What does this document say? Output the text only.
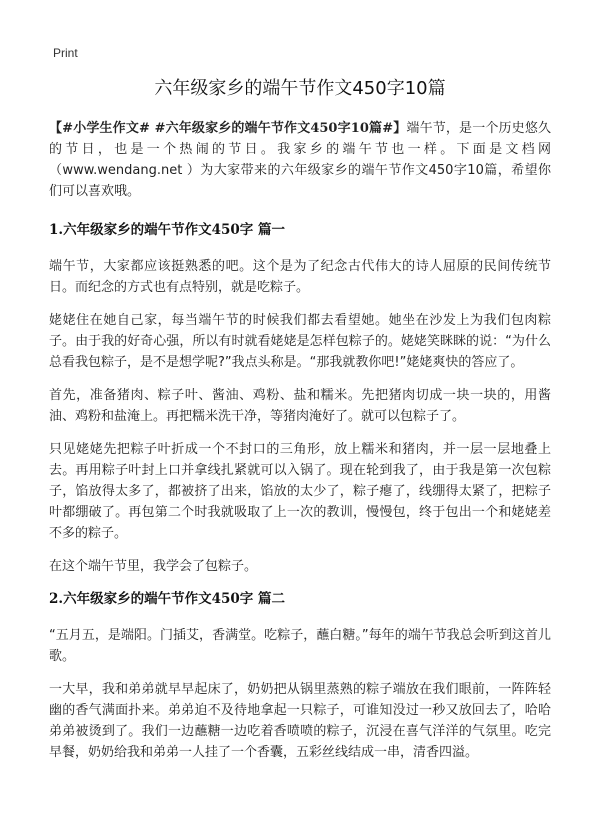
Print
六年级家乡的端午节作文450字10篇

【#小学生作文# #六年级家乡的端午节作文450字10篇#】端午节，是一个历史悠久的节日，也是一个热闹的节日。我家乡的端午节也一样。下面是文档网（www.wendang.net ）为大家带来的六年级家乡的端午节作文450字10篇，希望你们可以喜欢哦。

1.六年级家乡的端午节作文450字 篇一

端午节，大家都应该挺熟悉的吧。这个是为了纪念古代伟大的诗人屈原的民间传统节日。而纪念的方式也有点特别，就是吃粽子。

姥姥住在她自己家，每当端午节的时候我们都去看望她。她坐在沙发上为我们包肉粽子。由于我的好奇心强，所以有时就看姥姥是怎样包粽子的。姥姥笑眯眯的说：“为什么总看我包粽子，是不是想学呢?”我点头称是。“那我就教你吧!”姥姥爽快的答应了。

首先，准备猪肉、粽子叶、酱油、鸡粉、盐和糯米。先把猪肉切成一块一块的，用酱油、鸡粉和盐淹上。再把糯米洗干净，等猪肉淹好了。就可以包粽子了。

只见姥姥先把粽子叶折成一个不封口的三角形，放上糯米和猪肉，并一层一层地叠上去。再用粽子叶封上口并拿线扎紧就可以入锅了。现在轮到我了，由于我是第一次包粽子，馅放得太多了，都被挤了出来，馅放的太少了，粽子瘪了，线绷得太紧了，把粽子叶都绷破了。再包第二个时我就吸取了上一次的教训，慢慢包，终于包出一个和姥姥差不多的粽子。

在这个端午节里，我学会了包粽子。

2.六年级家乡的端午节作文450字 篇二

“五月五，是端阳。门插艾，香满堂。吃粽子，蘸白糖。”每年的端午节我总会听到这首儿歌。

一大早，我和弟弟就早早起床了，奶奶把从锅里蒸熟的粽子端放在我们眼前，一阵阵轻幽的香气满面扑来。弟弟迫不及待地拿起一只粽子，可谁知没过一秒又放回去了，哈哈弟弟被烫到了。我们一边蘸糖一边吃着香喷喷的粽子，沉浸在喜气洋洋的气氛里。吃完早餐，奶奶给我和弟弟一人挂了一个香囊，五彩丝线结成一串，清香四溢。
